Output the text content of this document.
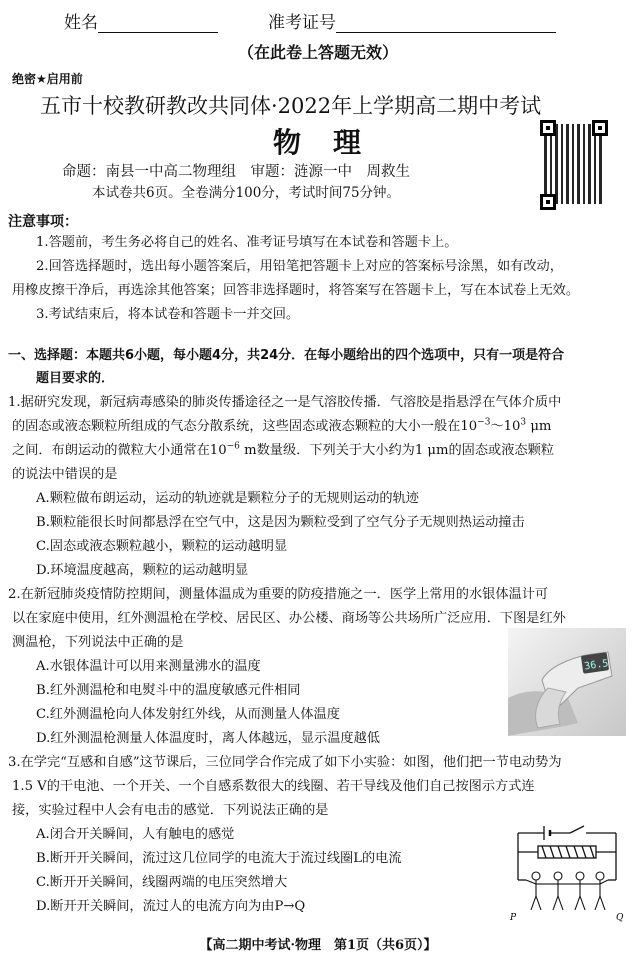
姓名	准考证号
（在此卷上答题无效）
绝密★启用前
五市十校教研教改共同体·2022年上学期高二期中考试
物　理
命题：南县一中高二物理组　审题：涟源一中　周救生
本试卷共6页。全卷满分100分，考试时间75分钟。
注意事项：
1.答题前，考生务必将自己的姓名、准考证号填写在本试卷和答题卡上。
2.回答选择题时，选出每小题答案后，用铅笔把答题卡上对应的答案标号涂黑，如有改动，
用橡皮擦干净后，再选涂其他答案；回答非选择题时，将答案写在答题卡上，写在本试卷上无效。
3.考试结束后，将本试卷和答题卡一并交回。
一、选择题：本题共6小题，每小题4分，共24分．在每小题给出的四个选项中，只有一项是符合
题目要求的．
1.据研究发现，新冠病毒感染的肺炎传播途径之一是气溶胶传播．气溶胶是指悬浮在气体介质中
的固态或液态颗粒所组成的气态分散系统，这些固态或液态颗粒的大小一般在$10^{-3}\sim 10^3$ μm
之间．布朗运动的微粒大小通常在$10^{-6}$ m数量级．下列关于大小约为1 μm的固态或液态颗粒
的说法中错误的是
A.颗粒做布朗运动，运动的轨迹就是颗粒分子的无规则运动的轨迹
B.颗粒能很长时间都悬浮在空气中，这是因为颗粒受到了空气分子无规则热运动撞击
C.固态或液态颗粒越小，颗粒的运动越明显
D.环境温度越高，颗粒的运动越明显
2.在新冠肺炎疫情防控期间，测量体温成为重要的防疫措施之一．医学上常用的水银体温计可
以在家庭中使用，红外测温枪在学校、居民区、办公楼、商场等公共场所广泛应用．下图是红外
测温枪，下列说法中正确的是
A.水银体温计可以用来测量沸水的温度
B.红外测温枪和电熨斗中的温度敏感元件相同
C.红外测温枪向人体发射红外线，从而测量人体温度
D.红外测温枪测量人体温度时，离人体越远，显示温度越低
36.5
3.在学完“互感和自感”这节课后，三位同学合作完成了如下小实验：如图，他们把一节电动势为
1.5 V的干电池、一个开关、一个自感系数很大的线圈、若干导线及他们自己按图示方式连
接，实验过程中人会有电击的感觉．下列说法正确的是
A.闭合开关瞬间，人有触电的感觉
B.断开开关瞬间，流过这几位同学的电流大于流过线圈L的电流
C.断开开关瞬间，线圈两端的电压突然增大
D.断开开关瞬间，流过人的电流方向为由P→Q
P	Q
【高二期中考试·物理　第1页（共6页）】
